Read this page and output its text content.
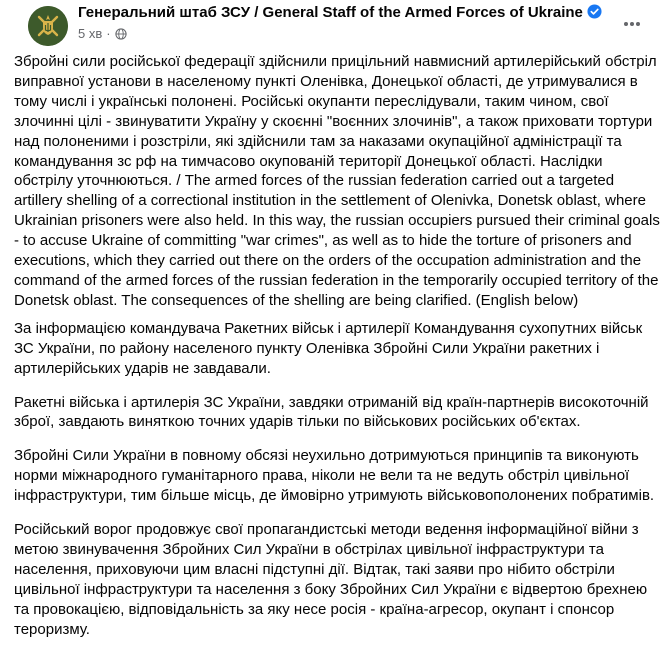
Генеральний штаб ЗСУ / General Staff of the Armed Forces of Ukraine
5 хв ·

Збройні сили російської федерації здійснили прицільний навмисний артилерійський обстріл виправної установи в населеному пункті Оленівка, Донецької області, де утримувалися в тому числі і українські полонені. Російські окупанти переслідували, таким чином, свої злочинні цілі - звинуватити Україну у скоєнні "воєнних злочинів", а також приховати тортури над полоненими і розстріли, які здійснили там за наказами окупаційної адміністрації та командування зс рф на тимчасово окупованій території Донецької області. Наслідки обстрілу уточнюються. / The armed forces of the russian federation carried out a targeted artillery shelling of a correctional institution in the settlement of Olenivka, Donetsk oblast, where Ukrainian prisoners were also held. In this way, the russian occupiers pursued their criminal goals - to accuse Ukraine of committing "war crimes", as well as to hide the torture of prisoners and executions, which they carried out there on the orders of the occupation administration and the command of the armed forces of the russian federation in the temporarily occupied territory of the Donetsk oblast. The consequences of the shelling are being clarified. (English below)

За інформацією командувача Ракетних військ і артилерії Командування сухопутних військ ЗС України, по району населеного пункту Оленівка Збройні Сили України ракетних і артилерійських ударів не завдавали.

Ракетні війська і артилерія ЗС України, завдяки отриманій від країн-партнерів високоточній зброї, завдають виняткою точних ударів тільки по військових російських об'єктах.

Збройні Сили України в повному обсязі неухильно дотримуються принципів та виконують норми міжнародного гуманітарного права, ніколи не вели та не ведуть обстріл цивільної інфраструктури, тим більше місць, де ймовірно утримують військовополонених побратимів.

Російський ворог продовжує свої пропагандистські методи ведення інформаційної війни з метою звинувачення Збройних Сил України в обстрілах цивільної інфраструктури та населення, приховуючи цим власні підступні дії. Відтак, такі заяви про нібито обстріли цивільної інфраструктури та населення з боку Збройних Сил України є відвертою брехнею та провокацією, відповідальність за яку несе росія - країна-агресор, окупант і спонсор тероризму.
